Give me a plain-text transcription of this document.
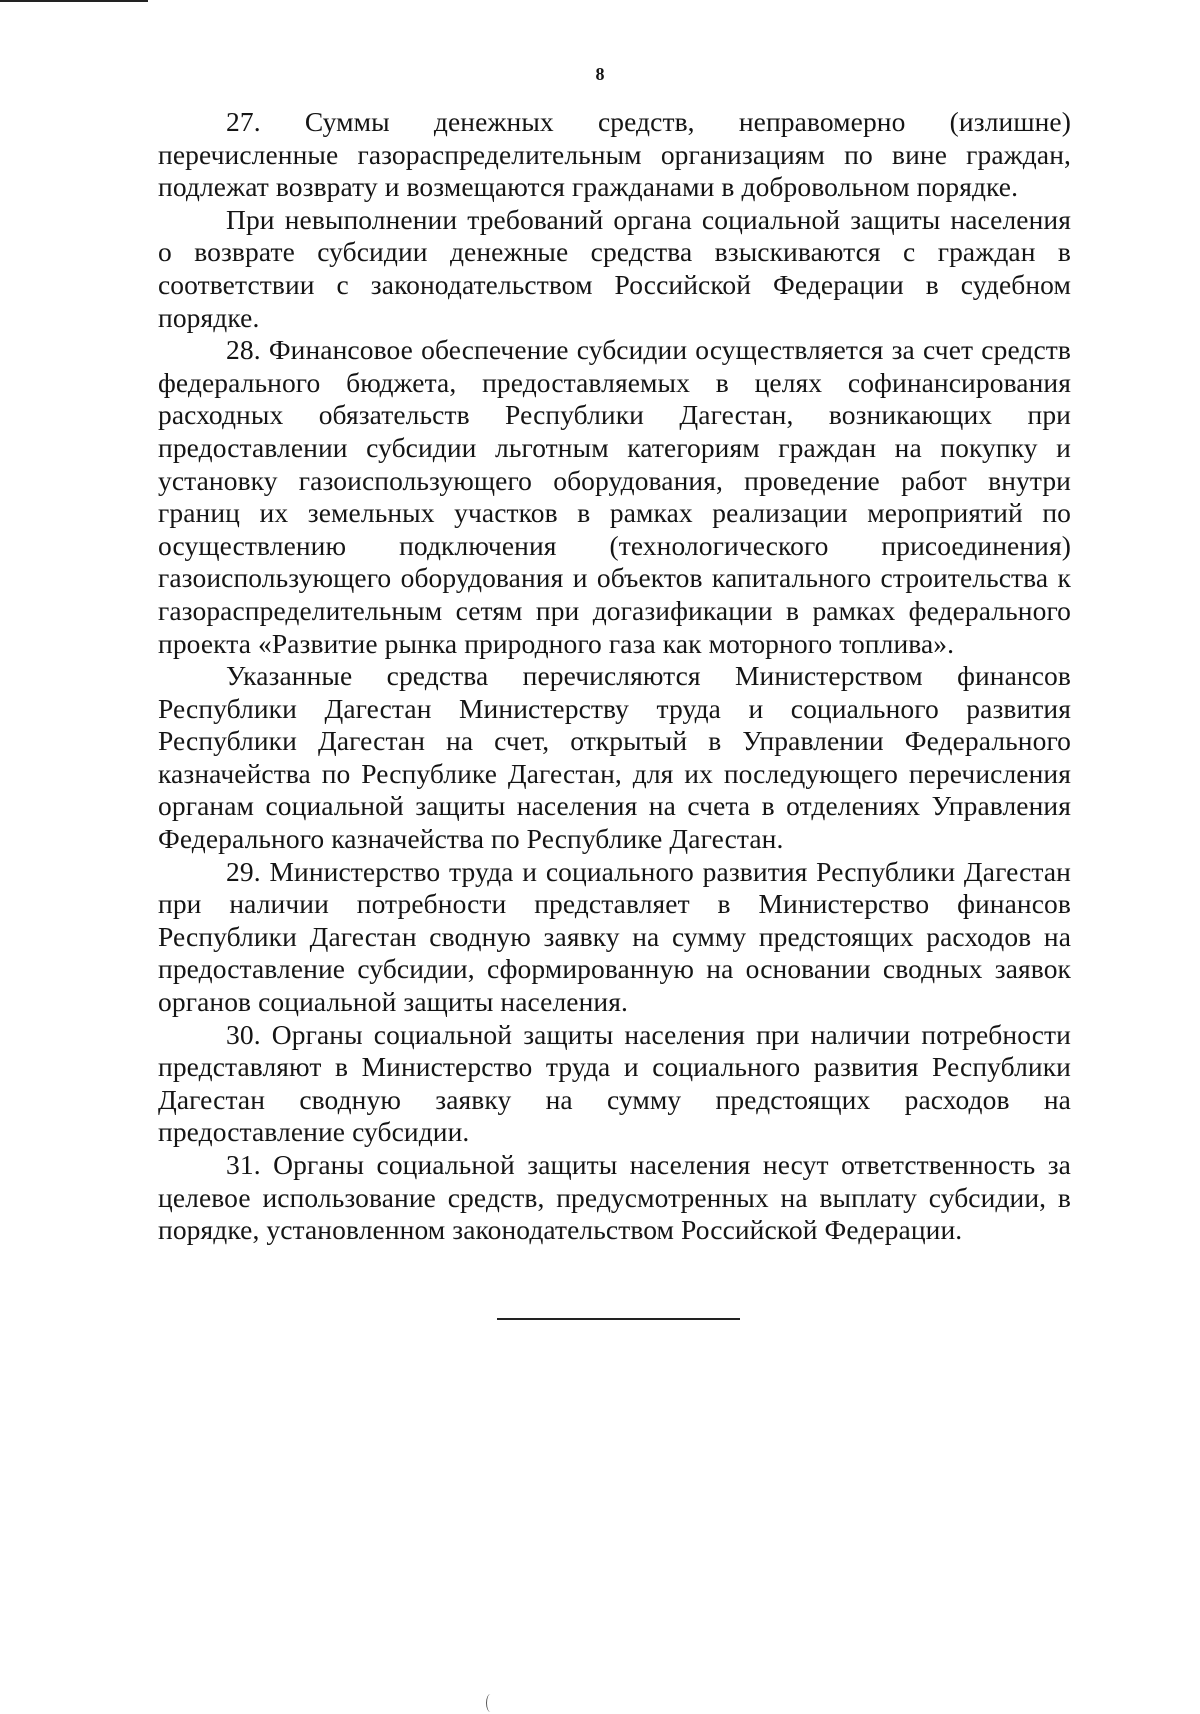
8

27. Суммы денежных средств, неправомерно (излишне) перечисленные газораспределительным организациям по вине граждан, подлежат возврату и возмещаются гражданами в добровольном порядке.

При невыполнении требований органа социальной защиты населения о возврате субсидии денежные средства взыскиваются с граждан в соответствии с законодательством Российской Федерации в судебном порядке.

28. Финансовое обеспечение субсидии осуществляется за счет средств федерального бюджета, предоставляемых в целях софинансирования расходных обязательств Республики Дагестан, возникающих при предоставлении субсидии льготным категориям граждан на покупку и установку газоиспользующего оборудования, проведение работ внутри границ их земельных участков в рамках реализации мероприятий по осуществлению подключения (технологического присоединения) газоиспользующего оборудования и объектов капитального строительства к газораспределительным сетям при догазификации в рамках федерального проекта «Развитие рынка природного газа как моторного топлива».

Указанные средства перечисляются Министерством финансов Республики Дагестан Министерству труда и социального развития Республики Дагестан на счет, открытый в Управлении Федерального казначейства по Республике Дагестан, для их последующего перечисления органам социальной защиты населения на счета в отделениях Управления Федерального казначейства по Республике Дагестан.

29. Министерство труда и социального развития Республики Дагестан при наличии потребности представляет в Министерство финансов Республики Дагестан сводную заявку на сумму предстоящих расходов на предоставление субсидии, сформированную на основании сводных заявок органов социальной защиты населения.

30. Органы социальной защиты населения при наличии потребности представляют в Министерство труда и социального развития Республики Дагестан сводную заявку на сумму предстоящих расходов на предоставление субсидии.

31. Органы социальной защиты населения несут ответственность за целевое использование средств, предусмотренных на выплату субсидии, в порядке, установленном законодательством Российской Федерации.
